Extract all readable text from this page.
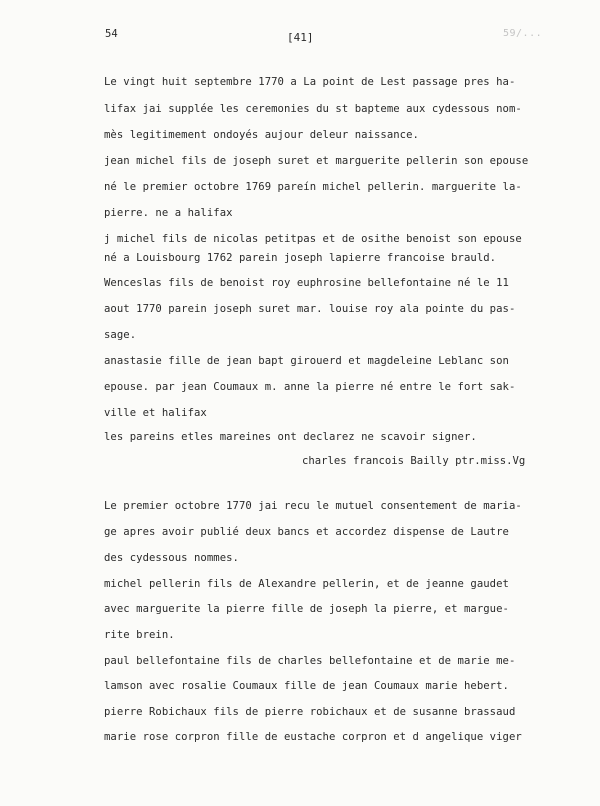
54	[41]	59/...
Le vingt huit septembre 1770 a La point de Lest passage pres ha-
lifax jai supplée les ceremonies du st bapteme aux cydessous nom-
mès legitimement ondoyés aujour deleur naissance.
jean michel fils de joseph suret et marguerite pellerin son epouse
né le premier octobre 1769 pareín michel pellerin. marguerite la-
pierre. ne a halifax
j michel fils de nicolas petitpas et de osithe benoist son epouse
né a Louisbourg 1762 parein joseph lapierre francoise brauld.
Wenceslas fils de benoist roy euphrosine bellefontaine né le 11
aout 1770 parein joseph suret mar. louise roy ala pointe du pas-
sage.
anastasie fille de jean bapt girouerd et magdeleine Leblanc son
epouse. par jean Coumaux m. anne la pierre né entre le fort sak-
ville et halifax
les pareins etles mareines ont declarez ne scavoir signer.
charles francois Bailly ptr.miss.Vg
Le premier octobre 1770 jai recu le mutuel consentement de maria-
ge apres avoir publié deux bancs et accordez dispense de Lautre
des cydessous nommes.
michel pellerin fils de Alexandre pellerin, et de jeanne gaudet
avec marguerite la pierre fille de joseph la pierre, et margue-
rite brein.
paul bellefontaine fils de charles bellefontaine et de marie me-
lamson avec rosalie Coumaux fille de jean Coumaux marie hebert.
pierre Robichaux fils de pierre robichaux et de susanne brassaud
marie rose corpron fille de eustache corpron et d angelique viger
